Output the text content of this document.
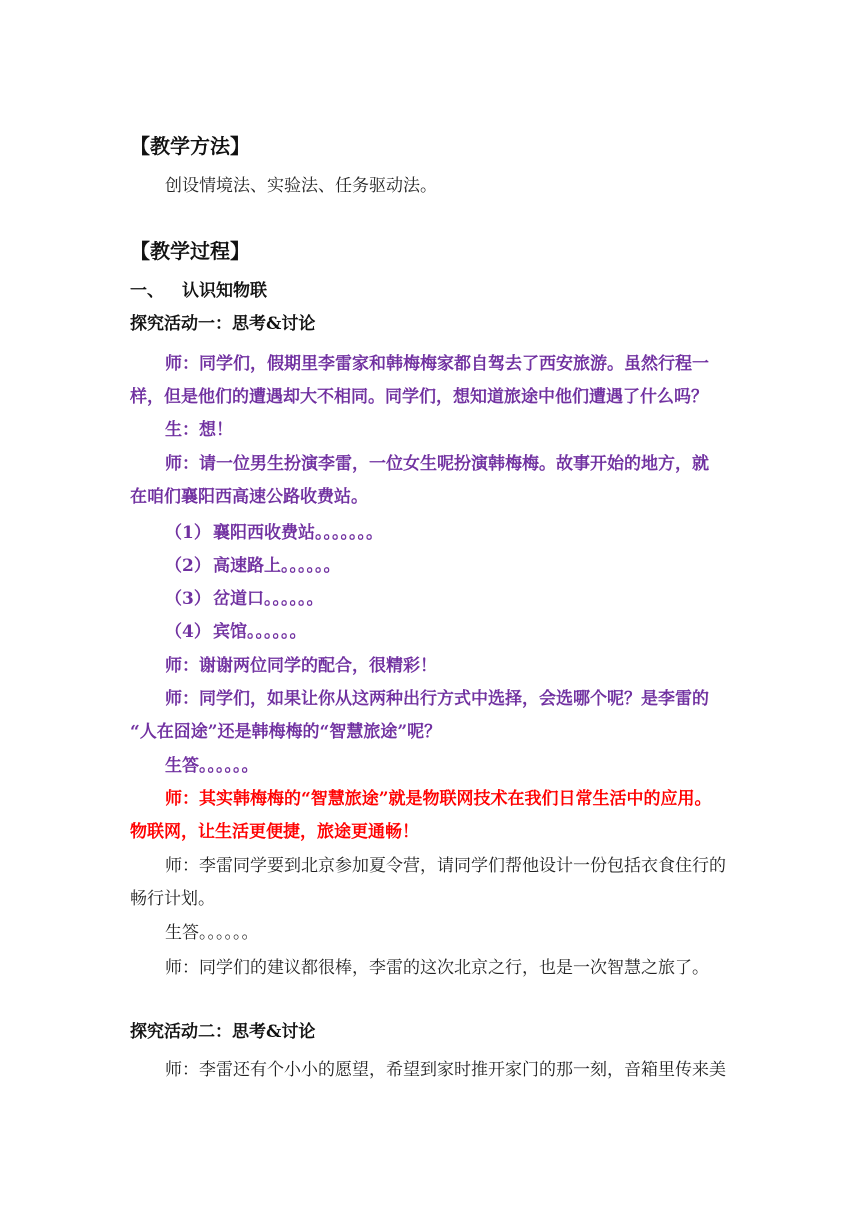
【教学方法】
创设情境法、实验法、任务驱动法。
【教学过程】
一、 认识知物联
探究活动一：思考&讨论
师：同学们，假期里李雷家和韩梅梅家都自驾去了西安旅游。虽然行程一
样，但是他们的遭遇却大不相同。同学们，想知道旅途中他们遭遇了什么吗？
生：想！
师：请一位男生扮演李雷，一位女生呢扮演韩梅梅。故事开始的地方，就
在咱们襄阳西高速公路收费站。
（1） 襄阳西收费站。。。。。。。
（2） 高速路上。。。。。。
（3） 岔道口。。。。。。
（4） 宾馆。。。。。。
师：谢谢两位同学的配合，很精彩！
师：同学们，如果让你从这两种出行方式中选择，会选哪个呢？是李雷的
“人在囧途”还是韩梅梅的“智慧旅途”呢？
生答。。。。。。
师：其实韩梅梅的“智慧旅途”就是物联网技术在我们日常生活中的应用。
物联网，让生活更便捷，旅途更通畅！
师：李雷同学要到北京参加夏令营，请同学们帮他设计一份包括衣食住行的
畅行计划。
生答。。。。。。
师：同学们的建议都很棒，李雷的这次北京之行，也是一次智慧之旅了。
探究活动二：思考&讨论
师：李雷还有个小小的愿望，希望到家时推开家门的那一刻，音箱里传来美
